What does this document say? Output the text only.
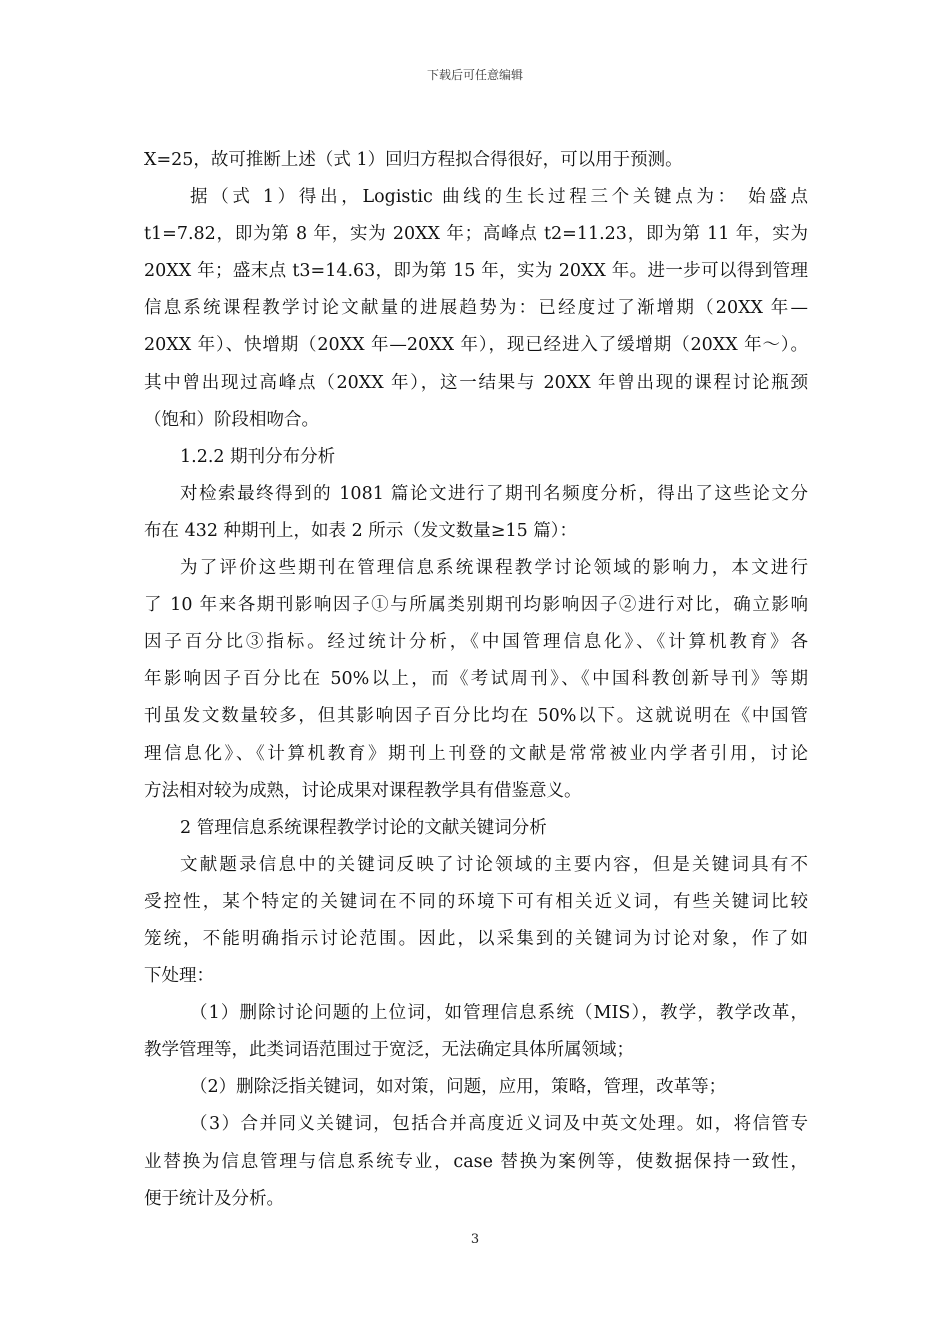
下载后可任意编辑
X=25，故可推断上述（式 1）回归方程拟合得很好，可以用于预测。
据（式 1）得出，Logistic 曲线的生长过程三个关键点为： 始盛点
t1=7.82，即为第 8 年，实为 20XX 年；高峰点 t2=11.23，即为第 11 年，实为
20XX 年；盛末点 t3=14.63，即为第 15 年，实为 20XX 年。进一步可以得到管理
信息系统课程教学讨论文献量的进展趋势为：已经度过了渐增期（20XX 年—
20XX 年）、快增期（20XX 年—20XX 年），现已经进入了缓增期（20XX 年～）。
其中曾出现过高峰点（20XX 年），这一结果与 20XX 年曾出现的课程讨论瓶颈
（饱和）阶段相吻合。
1.2.2 期刊分布分析
对检索最终得到的 1081 篇论文进行了期刊名频度分析，得出了这些论文分
布在 432 种期刊上，如表 2 所示（发文数量≥15 篇）：
为了评价这些期刊在管理信息系统课程教学讨论领域的影响力，本文进行
了 10 年来各期刊影响因子①与所属类别期刊均影响因子②进行对比，确立影响
因子百分比③指标。经过统计分析，《中国管理信息化》、《计算机教育》各
年影响因子百分比在 50%以上，而《考试周刊》、《中国科教创新导刊》等期
刊虽发文数量较多，但其影响因子百分比均在 50%以下。这就说明在《中国管
理信息化》、《计算机教育》期刊上刊登的文献是常常被业内学者引用，讨论
方法相对较为成熟，讨论成果对课程教学具有借鉴意义。
2 管理信息系统课程教学讨论的文献关键词分析
文献题录信息中的关键词反映了讨论领域的主要内容，但是关键词具有不
受控性，某个特定的关键词在不同的环境下可有相关近义词，有些关键词比较
笼统，不能明确指示讨论范围。因此，以采集到的关键词为讨论对象，作了如
下处理：
（1）删除讨论问题的上位词，如管理信息系统（MIS），教学，教学改革，
教学管理等，此类词语范围过于宽泛，无法确定具体所属领域；
（2）删除泛指关键词，如对策，问题，应用，策略，管理，改革等；
（3）合并同义关键词，包括合并高度近义词及中英文处理。如，将信管专
业替换为信息管理与信息系统专业，case 替换为案例等，使数据保持一致性，
便于统计及分析。
3
